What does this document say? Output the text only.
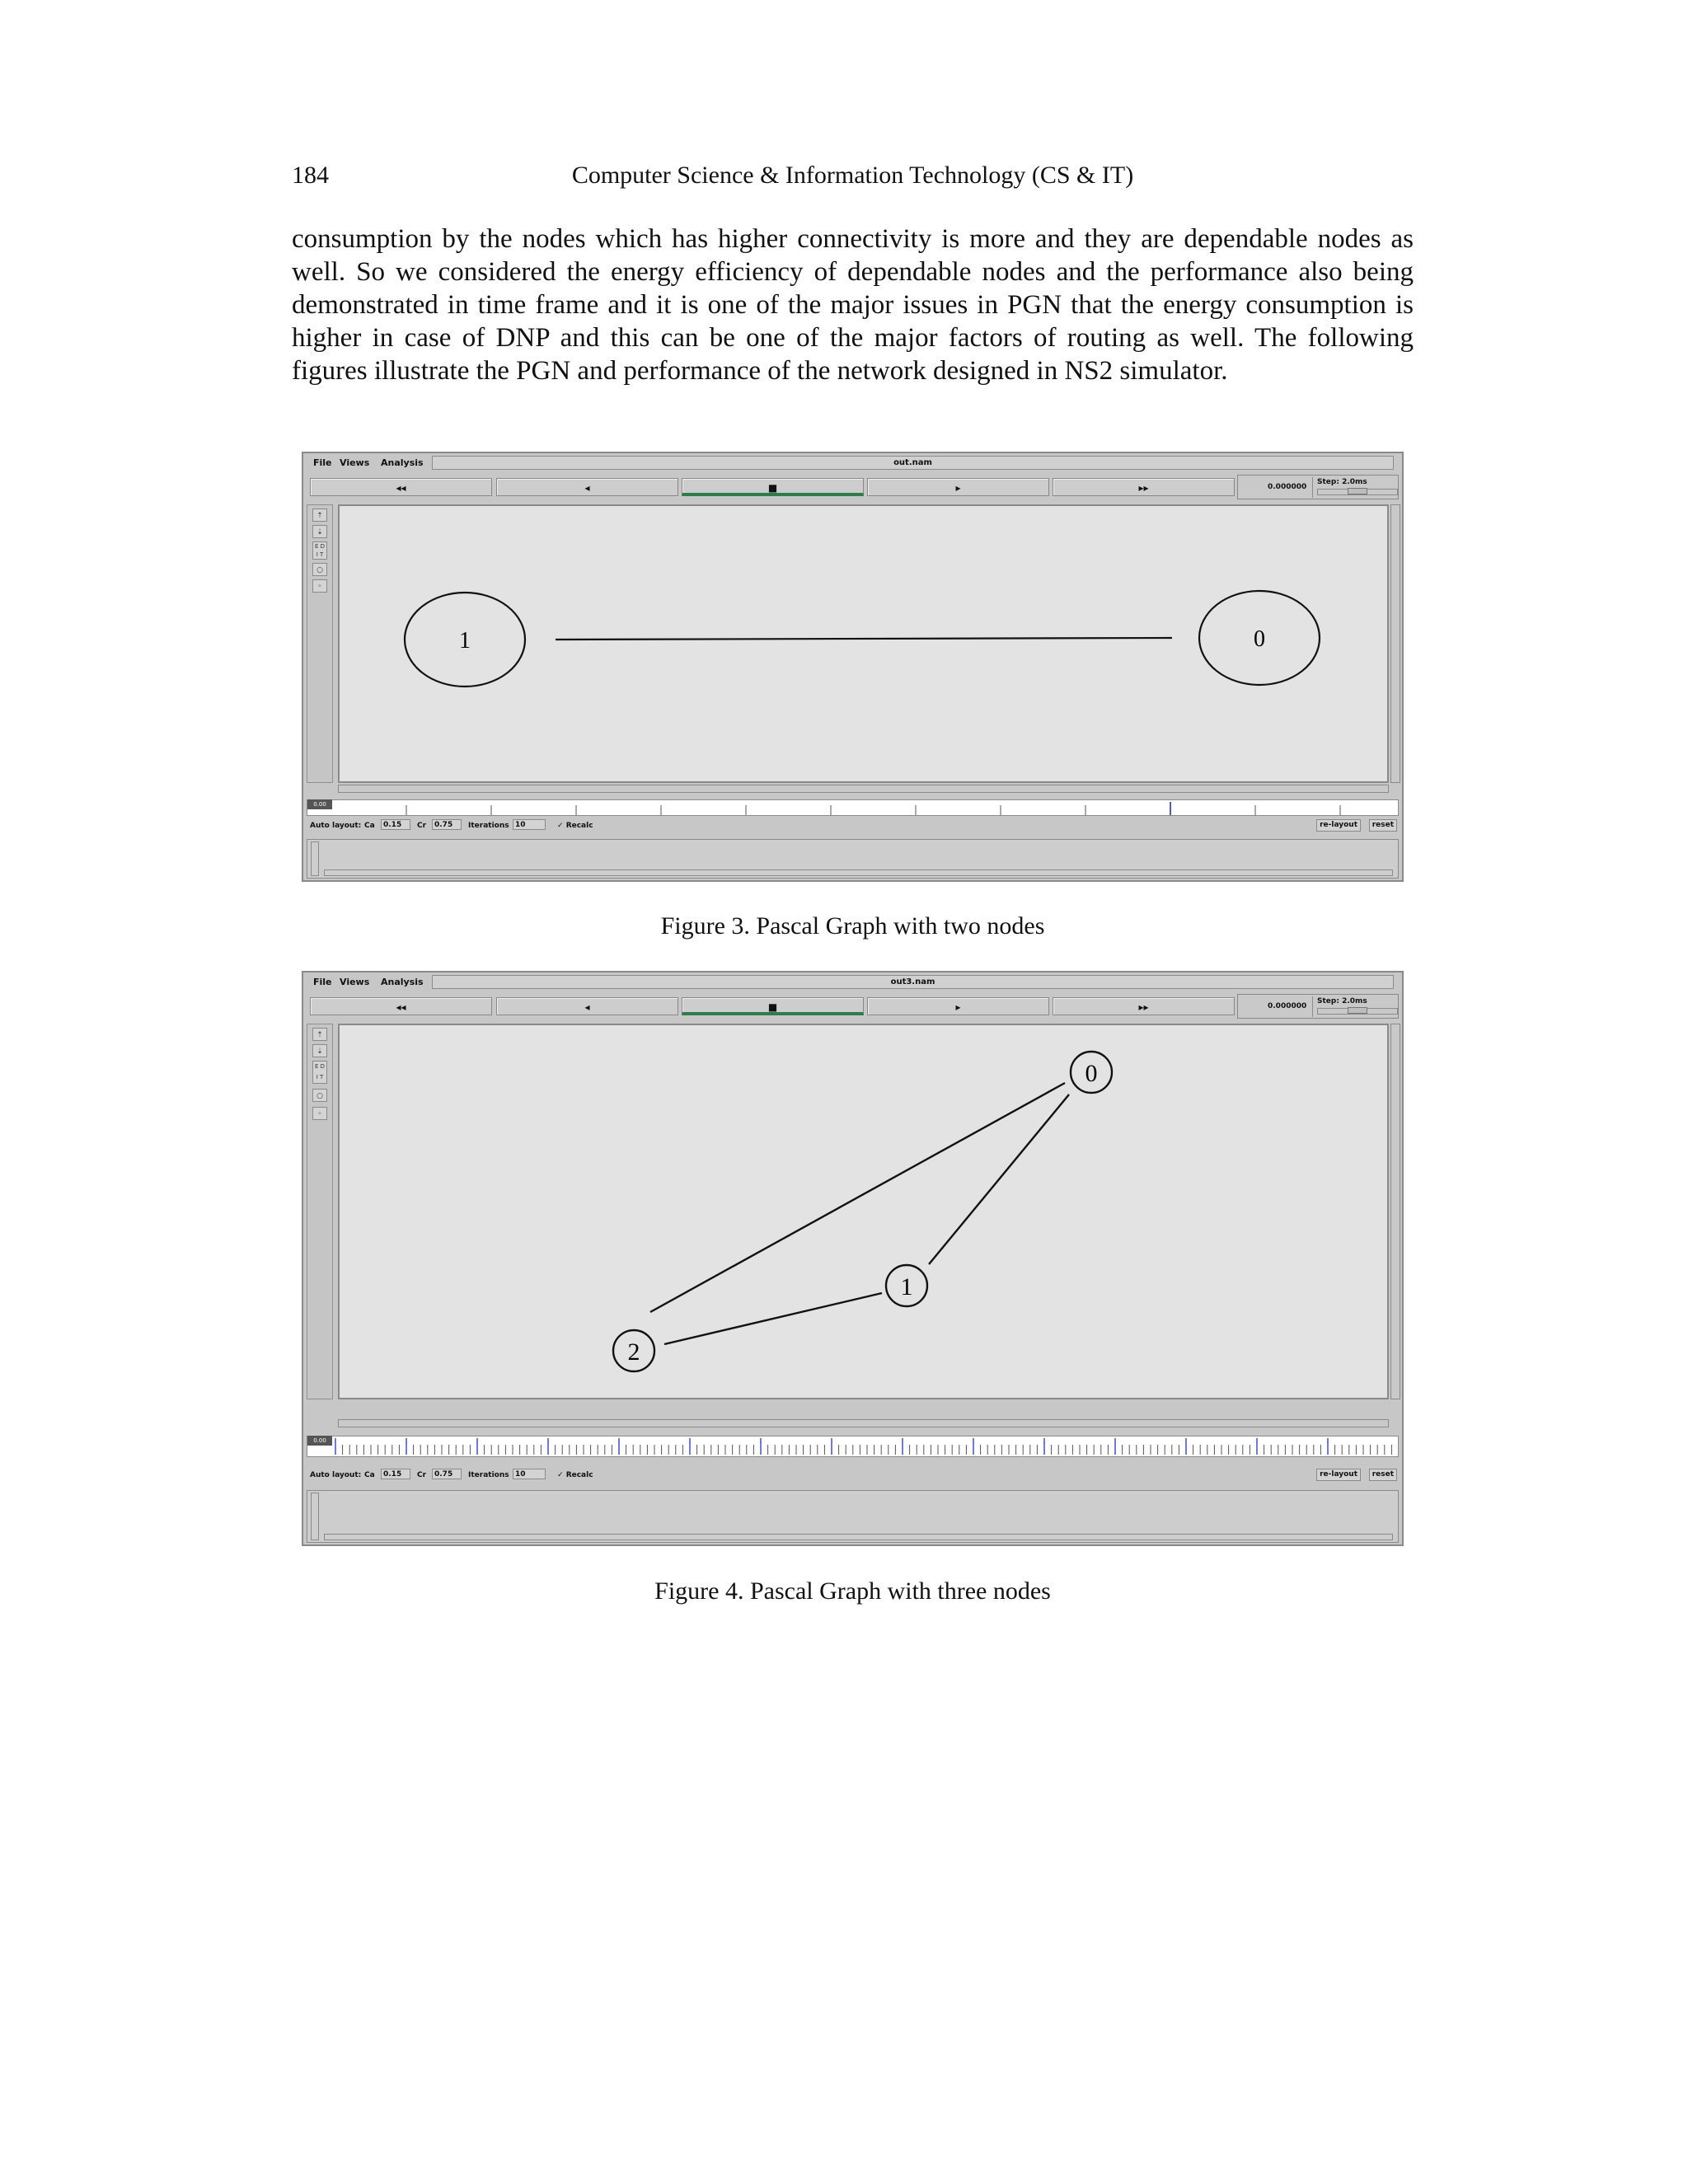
184	Computer Science & Information Technology (CS & IT)

consumption by the nodes which has higher connectivity is more and they are dependable nodes as well. So we considered the energy efficiency of dependable nodes and the performance also being demonstrated in time frame and it is one of the major issues in PGN that the energy consumption is higher in case of DNP and this can be one of the major factors of routing as well. The following figures illustrate the PGN and performance of the network designed in NS2 simulator.

File Views Analysis	out.nam
◂◂	◂	■	▸	▸▸	0.000000
Step: 2.0ms
⇡
⇣
E D
I T
○
◦
1	0
0.00
Auto layout: Ca	0.15	Cr	0.75	Iterations 10	✓ Recalc	re-layout	reset
Figure 3. Pascal Graph with two nodes
File Views Analysis	out3.nam
◂◂	◂	■	▸	▸▸	0.000000
Step: 2.0ms
⇡
⇣
E D
I T
○
◦
0
1
2
0.00
Auto layout: Ca	0.15	Cr	0.75	Iterations 10	✓ Recalc	re-layout	reset
Figure 4. Pascal Graph with three nodes
